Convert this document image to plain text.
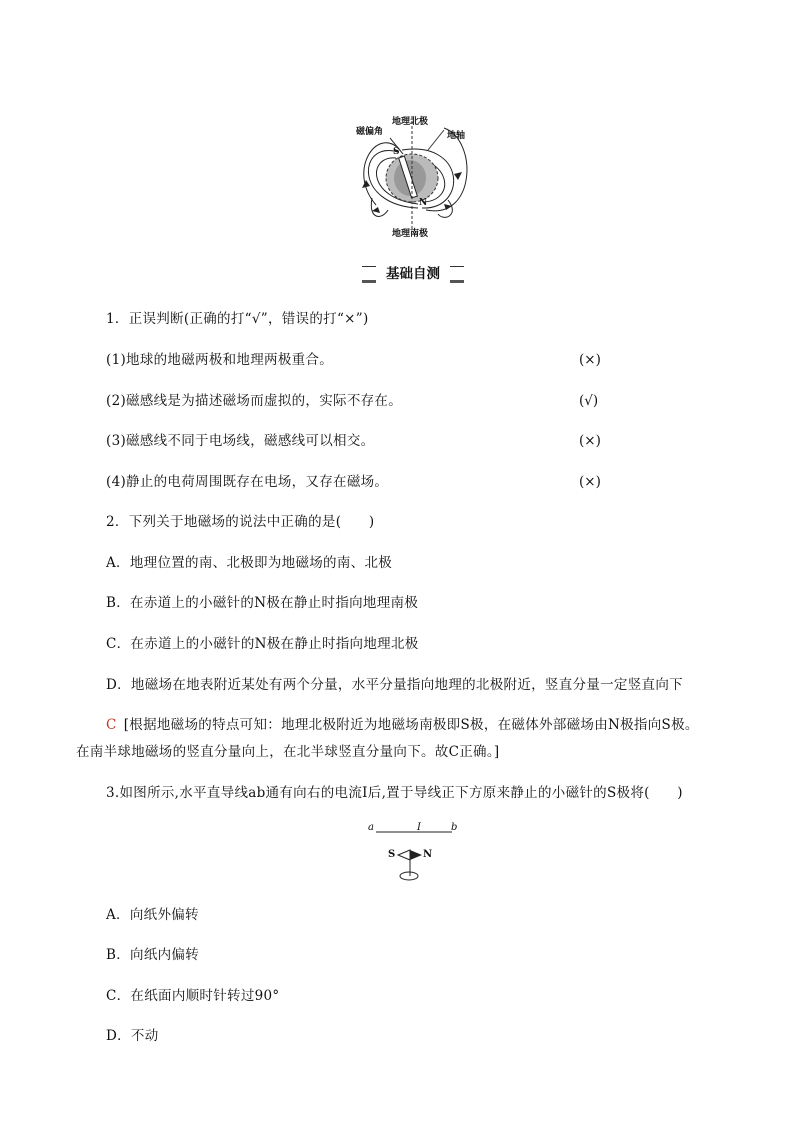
地理北极
磁偏角	地轴
S
N
地理南极
基础自测
1．正误判断(正确的打“√”，错误的打“×”)
(1)地球的地磁两极和地理两极重合。	(×)
(2)磁感线是为描述磁场而虚拟的，实际不存在。	(√)
(3)磁感线不同于电场线，磁感线可以相交。	(×)
(4)静止的电荷周围既存在电场，又存在磁场。	(×)
2．下列关于地磁场的说法中正确的是(　　)
A．地理位置的南、北极即为地磁场的南、北极
B．在赤道上的小磁针的N极在静止时指向地理南极
C．在赤道上的小磁针的N极在静止时指向地理北极
D．地磁场在地表附近某处有两个分量，水平分量指向地理的北极附近，竖直分量一定竖直向下
C  [根据地磁场的特点可知：地理北极附近为地磁场南极即S极，在磁体外部磁场由N极指向S极。
在南半球地磁场的竖直分量向上，在北半球竖直分量向下。故C正确。]
3.如图所示,水平直导线ab通有向右的电流I后,置于导线正下方原来静止的小磁针的S极将(　　)
a	I	b
S	N
A．向纸外偏转
B．向纸内偏转
C．在纸面内顺时针转过90°
D．不动
